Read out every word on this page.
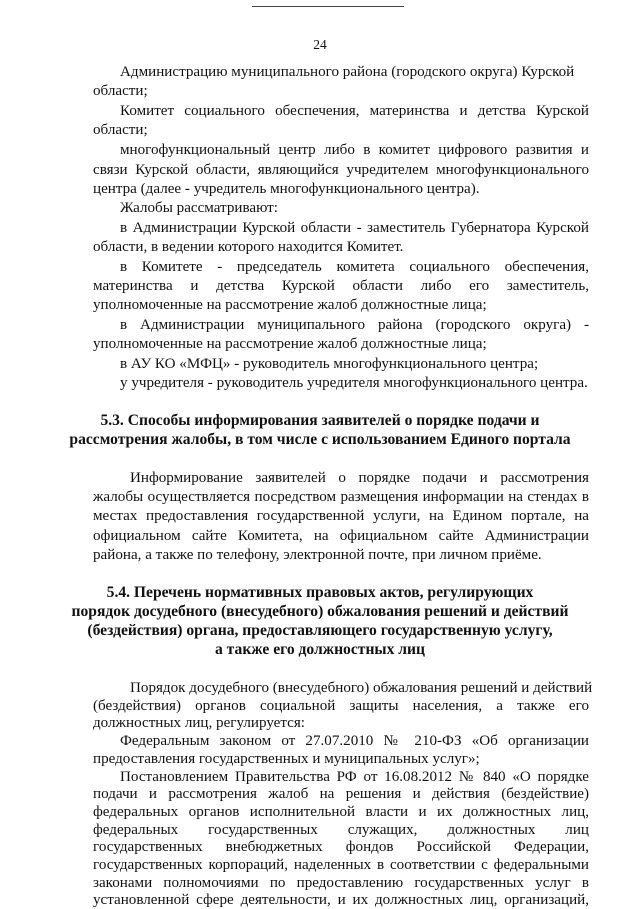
24
Администрацию муниципального района (городского округа) Курской
области;
Комитет социального обеспечения, материнства и детства Курской
области;
многофункциональный центр либо в комитет цифрового развития и
связи Курской области, являющийся учредителем многофункционального
центра (далее - учредитель многофункционального центра).
Жалобы рассматривают:
в Администрации Курской области - заместитель Губернатора Курской
области, в ведении которого находится Комитет.
в Комитете - председатель комитета социального обеспечения,
материнства и детства Курской области либо его заместитель,
уполномоченные на рассмотрение жалоб должностные лица;
в Администрации муниципального района (городского округа) -
уполномоченные на рассмотрение жалоб должностные лица;
в АУ КО «МФЦ» - руководитель многофункционального центра;
у учредителя - руководитель учредителя многофункционального центра.
5.3. Способы информирования заявителей о порядке подачи и
рассмотрения жалобы, в том числе с использованием Единого портала
Информирование заявителей о порядке подачи и рассмотрения
жалобы осуществляется посредством размещения информации на стендах в
местах предоставления государственной услуги, на Едином портале, на
официальном сайте Комитета, на официальном сайте Администрации
района, а также по телефону, электронной почте, при личном приёме.
5.4. Перечень нормативных правовых актов, регулирующих
порядок досудебного (внесудебного) обжалования решений и действий
(бездействия) органа, предоставляющего государственную услугу,
а также его должностных лиц
Порядок досудебного (внесудебного) обжалования решений и действий
(бездействия) органов социальной защиты населения, а также его
должностных лиц, регулируется:
Федеральным законом от 27.07.2010 № 210-ФЗ «Об организации
предоставления государственных и муниципальных услуг»;
Постановлением Правительства РФ от 16.08.2012 № 840 «О порядке
подачи и рассмотрения жалоб на решения и действия (бездействие)
федеральных органов исполнительной власти и их должностных лиц,
федеральных государственных служащих, должностных лиц
государственных внебюджетных фондов Российской Федерации,
государственных корпораций, наделенных в соответствии с федеральными
законами полномочиями по предоставлению государственных услуг в
установленной сфере деятельности, и их должностных лиц, организаций,
